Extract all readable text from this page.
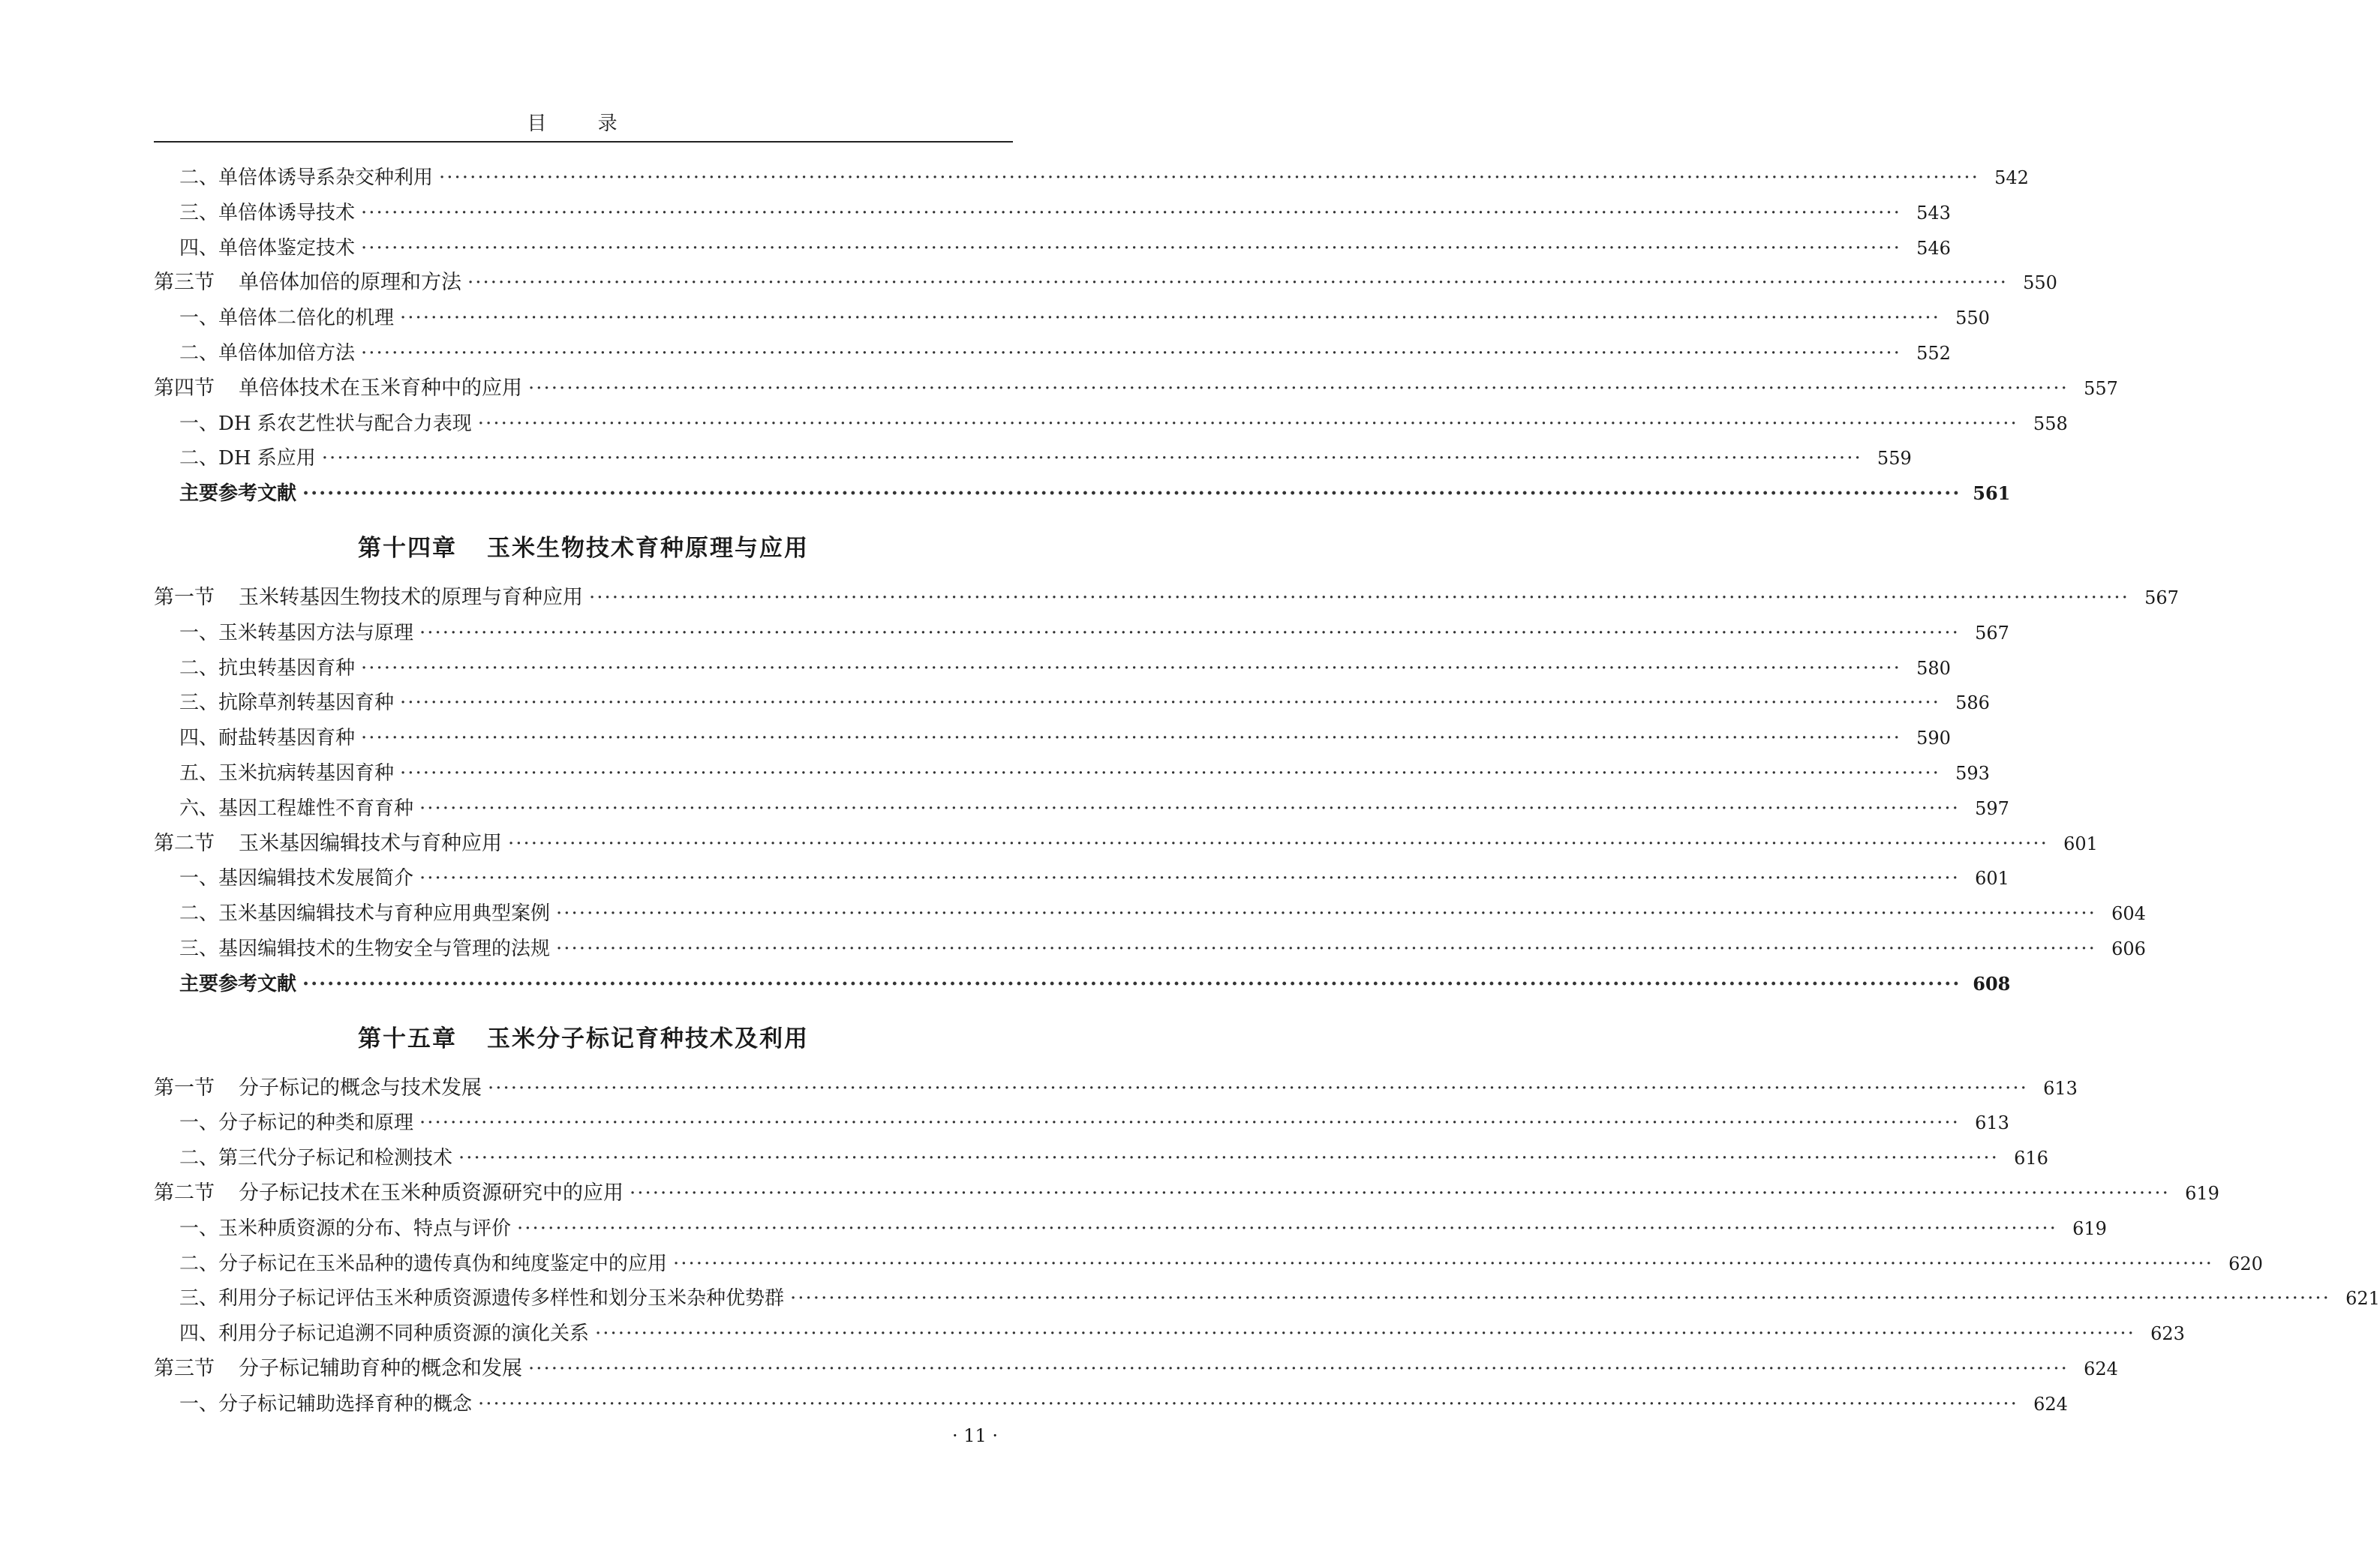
目 录
二、单倍体诱导系杂交种利用 ········································································································································································································ 542
三、单倍体诱导技术 ········································································································································································································ 543
四、单倍体鉴定技术 ········································································································································································································ 546
第三节 单倍体加倍的原理和方法 ········································································································································································································ 550
一、单倍体二倍化的机理 ········································································································································································································ 550
二、单倍体加倍方法 ········································································································································································································ 552
第四节 单倍体技术在玉米育种中的应用 ········································································································································································································ 557
一、DH 系农艺性状与配合力表现 ········································································································································································································ 558
二、DH 系应用 ········································································································································································································ 559
主要参考文献 ········································································································································································································ 561
第十四章 玉米生物技术育种原理与应用
第一节 玉米转基因生物技术的原理与育种应用 ········································································································································································································ 567
一、玉米转基因方法与原理 ········································································································································································································ 567
二、抗虫转基因育种 ········································································································································································································ 580
三、抗除草剂转基因育种 ········································································································································································································ 586
四、耐盐转基因育种 ········································································································································································································ 590
五、玉米抗病转基因育种 ········································································································································································································ 593
六、基因工程雄性不育育种 ········································································································································································································ 597
第二节 玉米基因编辑技术与育种应用 ········································································································································································································ 601
一、基因编辑技术发展简介 ········································································································································································································ 601
二、玉米基因编辑技术与育种应用典型案例 ········································································································································································································ 604
三、基因编辑技术的生物安全与管理的法规 ········································································································································································································ 606
主要参考文献 ········································································································································································································ 608
第十五章 玉米分子标记育种技术及利用
第一节 分子标记的概念与技术发展 ········································································································································································································ 613
一、分子标记的种类和原理 ········································································································································································································ 613
二、第三代分子标记和检测技术 ········································································································································································································ 616
第二节 分子标记技术在玉米种质资源研究中的应用 ········································································································································································································ 619
一、玉米种质资源的分布、特点与评价 ········································································································································································································ 619
二、分子标记在玉米品种的遗传真伪和纯度鉴定中的应用 ········································································································································································································ 620
三、利用分子标记评估玉米种质资源遗传多样性和划分玉米杂种优势群 ········································································································································································································ 621
四、利用分子标记追溯不同种质资源的演化关系 ········································································································································································································ 623
第三节 分子标记辅助育种的概念和发展 ········································································································································································································ 624
一、分子标记辅助选择育种的概念 ········································································································································································································ 624
· 11 ·
